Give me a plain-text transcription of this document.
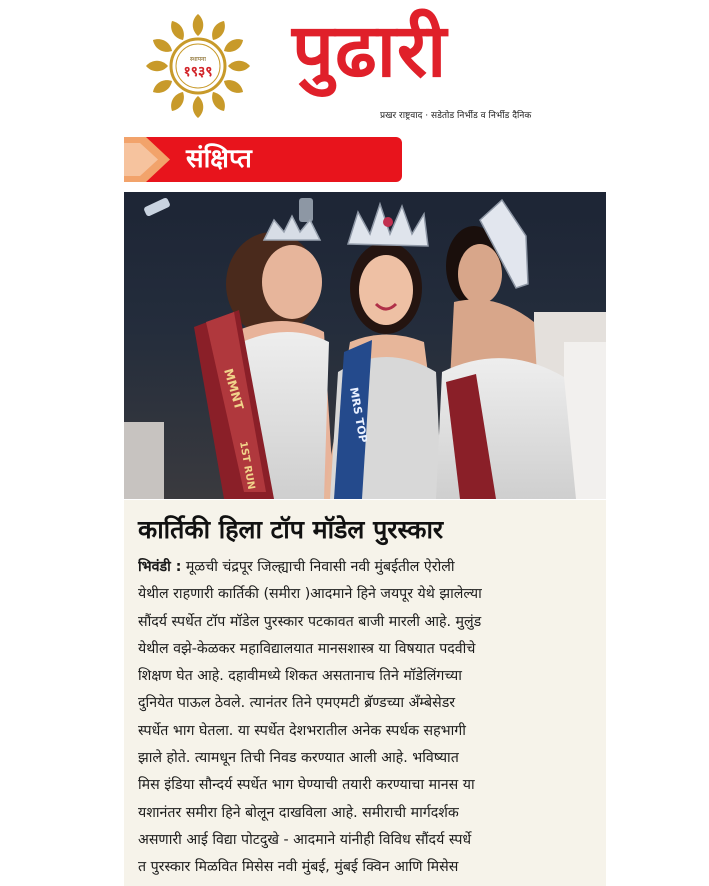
स्थापना
१९३९ पुढारी
प्रखर राष्ट्रवाद · सडेतोड निर्भीड व निर्भीड दैनिक
संक्षिप्त
MMNT
1ST RUN
MRS TOP
कार्तिकी हिला टॉप मॉडेल पुरस्कार
भिवंडी : मूळची चंद्रपूर जिल्ह्याची निवासी नवी मुंबईतील ऐरोली
येथील राहणारी कार्तिकी (समीरा )आदमाने हिने जयपूर येथे झालेल्या
सौंदर्य स्पर्धेत टॉप मॉडेल पुरस्कार पटकावत बाजी मारली आहे. मुलुंड
येथील वझे-केळकर महाविद्यालयात मानसशास्त्र या विषयात पदवीचे
शिक्षण घेत आहे. दहावीमध्ये शिकत असतानाच तिने मॉडेलिंगच्या
दुनियेत पाऊल ठेवले. त्यानंतर तिने एमएमटी ब्रॅण्डच्या अँम्बेसेडर
स्पर्धेत भाग घेतला. या स्पर्धेत देशभरातील अनेक स्पर्धक सहभागी
झाले होते. त्यामधून तिची निवड करण्यात आली आहे. भविष्यात
मिस इंडिया सौन्दर्य स्पर्धेत भाग घेण्याची तयारी करण्याचा मानस या
यशानंतर समीरा हिने बोलून दाखविला आहे. समीराची मार्गदर्शक
असणारी आई विद्या पोटदुखे - आदमाने यांनीही विविध सौंदर्य स्पर्धे
त पुरस्कार मिळवित मिसेस नवी मुंबई, मुंबई क्विन आणि मिसेस
